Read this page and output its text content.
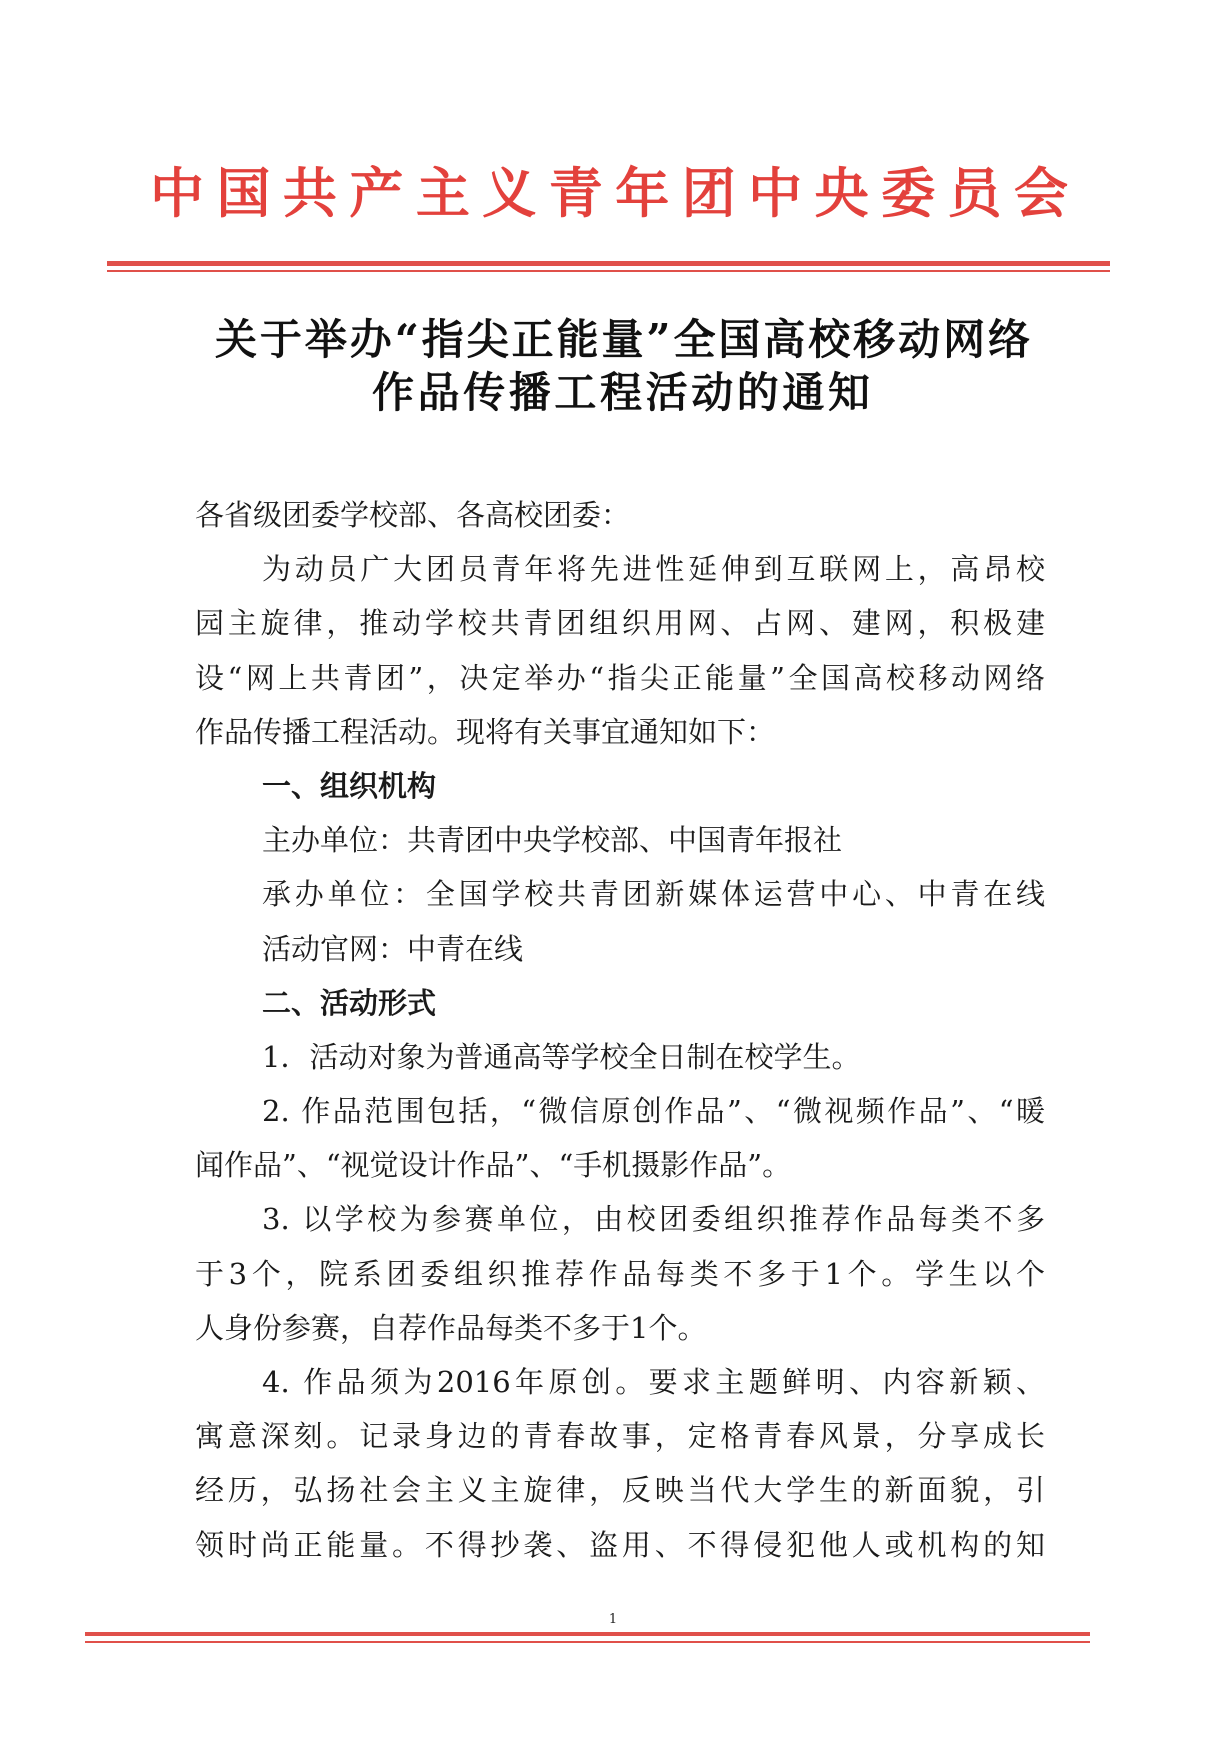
中国共产主义青年团中央委员会
关于举办“指尖正能量”全国高校移动网络
作品传播工程活动的通知
各省级团委学校部、各高校团委：
为动员广大团员青年将先进性延伸到互联网上，高昂校
园主旋律，推动学校共青团组织用网、占网、建网，积极建
设“网上共青团”，决定举办“指尖正能量”全国高校移动网络
作品传播工程活动。现将有关事宜通知如下：
一、组织机构
主办单位：共青团中央学校部、中国青年报社
承办单位：全国学校共青团新媒体运营中心、中青在线
活动官网：中青在线
二、活动形式
1．活动对象为普通高等学校全日制在校学生。
2. 作品范围包括，“微信原创作品”、“微视频作品”、“暖
闻作品”、“视觉设计作品”、“手机摄影作品”。
3. 以学校为参赛单位，由校团委组织推荐作品每类不多
于3个，院系团委组织推荐作品每类不多于1个。学生以个
人身份参赛，自荐作品每类不多于1个。
4. 作品须为2016年原创。要求主题鲜明、内容新颖、
寓意深刻。记录身边的青春故事，定格青春风景，分享成长
经历，弘扬社会主义主旋律，反映当代大学生的新面貌，引
领时尚正能量。不得抄袭、盗用、不得侵犯他人或机构的知
1
